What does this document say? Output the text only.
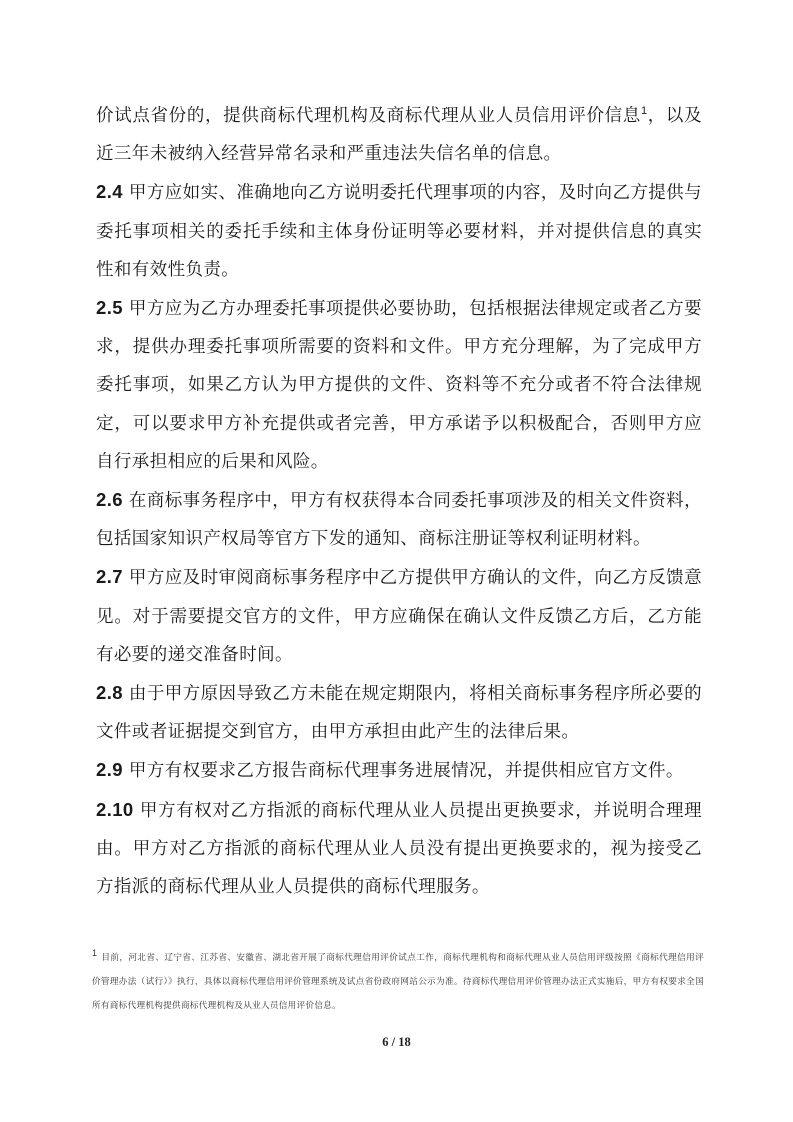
价试点省份的，提供商标代理机构及商标代理从业人员信用评价信息$^1$，以及近三年未被纳入经营异常名录和严重违法失信名单的信息。

2.4 甲方应如实、准确地向乙方说明委托代理事项的内容，及时向乙方提供与委托事项相关的委托手续和主体身份证明等必要材料，并对提供信息的真实性和有效性负责。

2.5 甲方应为乙方办理委托事项提供必要协助，包括根据法律规定或者乙方要求，提供办理委托事项所需要的资料和文件。甲方充分理解，为了完成甲方委托事项，如果乙方认为甲方提供的文件、资料等不充分或者不符合法律规定，可以要求甲方补充提供或者完善，甲方承诺予以积极配合，否则甲方应自行承担相应的后果和风险。

2.6 在商标事务程序中，甲方有权获得本合同委托事项涉及的相关文件资料，包括国家知识产权局等官方下发的通知、商标注册证等权利证明材料。

2.7 甲方应及时审阅商标事务程序中乙方提供甲方确认的文件，向乙方反馈意见。对于需要提交官方的文件，甲方应确保在确认文件反馈乙方后，乙方能有必要的递交准备时间。

2.8 由于甲方原因导致乙方未能在规定期限内，将相关商标事务程序所必要的文件或者证据提交到官方，由甲方承担由此产生的法律后果。

2.9 甲方有权要求乙方报告商标代理事务进展情况，并提供相应官方文件。

2.10 甲方有权对乙方指派的商标代理从业人员提出更换要求，并说明合理理由。甲方对乙方指派的商标代理从业人员没有提出更换要求的，视为接受乙方指派的商标代理从业人员提供的商标代理服务。

1 目前，河北省、辽宁省、江苏省、安徽省、湖北省开展了商标代理信用评价试点工作，商标代理机构和商标代理从业人员信用评级按照《商标代理信用评价管理办法（试行）》执行，具体以商标代理信用评价管理系统及试点省份政府网站公示为准。待商标代理信用评价管理办法正式实施后，甲方有权要求全国所有商标代理机构提供商标代理机构及从业人员信用评价信息。

6 / 18
